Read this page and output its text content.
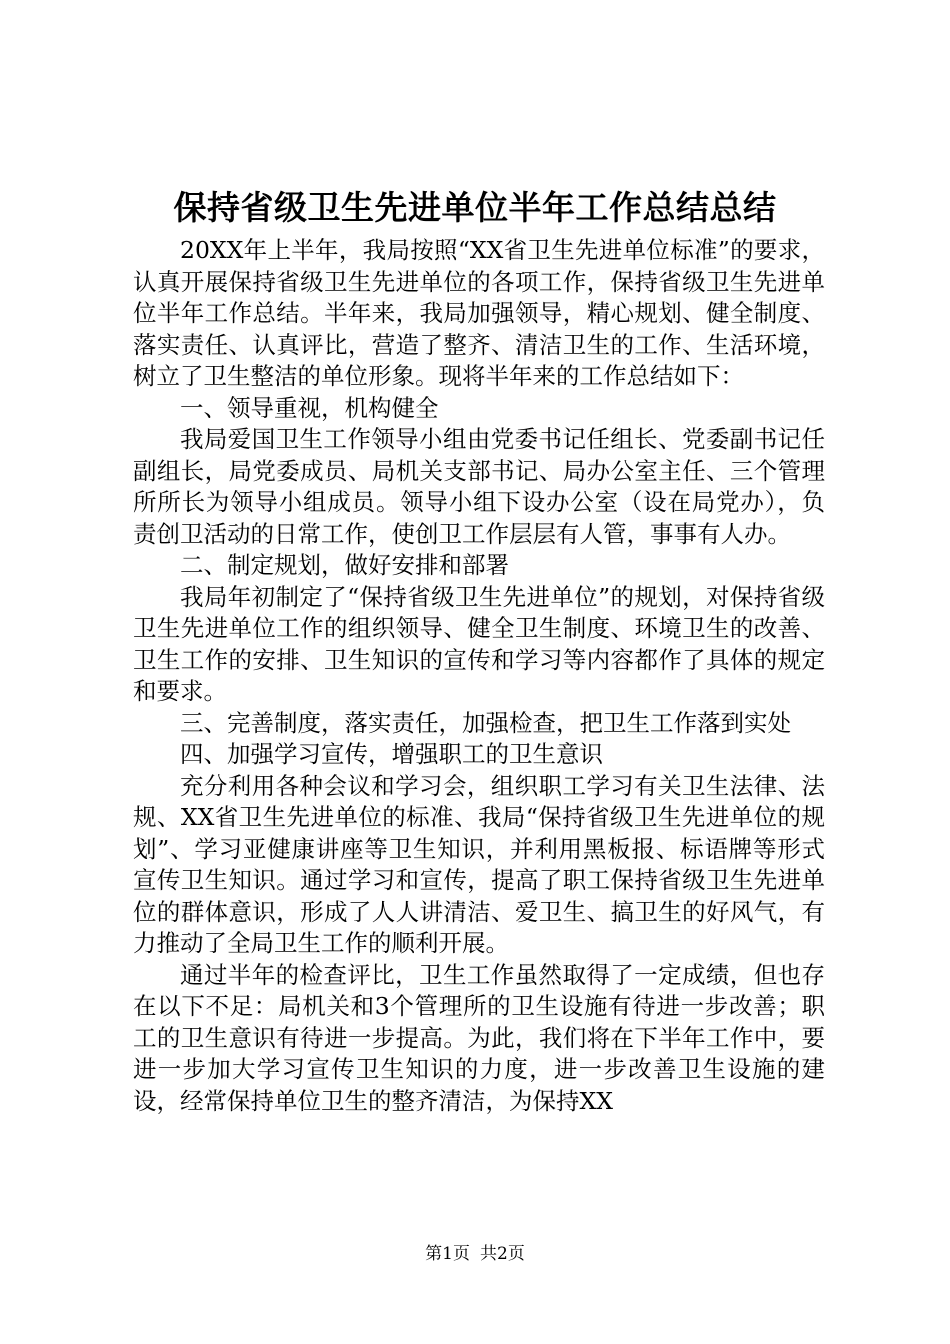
保持省级卫生先进单位半年工作总结总结

20XX年上半年，我局按照“XX省卫生先进单位标准”的要求，认真开展保持省级卫生先进单位的各项工作，保持省级卫生先进单位半年工作总结。半年来，我局加强领导，精心规划、健全制度、落实责任、认真评比，营造了整齐、清洁卫生的工作、生活环境，树立了卫生整洁的单位形象。现将半年来的工作总结如下：

一、领导重视，机构健全

我局爱国卫生工作领导小组由党委书记任组长、党委副书记任副组长，局党委成员、局机关支部书记、局办公室主任、三个管理所所长为领导小组成员。领导小组下设办公室（设在局党办），负责创卫活动的日常工作，使创卫工作层层有人管，事事有人办。

二、制定规划，做好安排和部署

我局年初制定了“保持省级卫生先进单位”的规划，对保持省级卫生先进单位工作的组织领导、健全卫生制度、环境卫生的改善、卫生工作的安排、卫生知识的宣传和学习等内容都作了具体的规定和要求。

三、完善制度，落实责任，加强检查，把卫生工作落到实处

四、加强学习宣传，增强职工的卫生意识

充分利用各种会议和学习会，组织职工学习有关卫生法律、法规、XX省卫生先进单位的标准、我局“保持省级卫生先进单位的规划”、学习亚健康讲座等卫生知识，并利用黑板报、标语牌等形式宣传卫生知识。通过学习和宣传，提高了职工保持省级卫生先进单位的群体意识，形成了人人讲清洁、爱卫生、搞卫生的好风气，有力推动了全局卫生工作的顺利开展。

通过半年的检查评比，卫生工作虽然取得了一定成绩，但也存在以下不足：局机关和3个管理所的卫生设施有待进一步改善；职工的卫生意识有待进一步提高。为此，我们将在下半年工作中，要进一步加大学习宣传卫生知识的力度，进一步改善卫生设施的建设，经常保持单位卫生的整齐清洁，为保持XX

第1页 共2页
